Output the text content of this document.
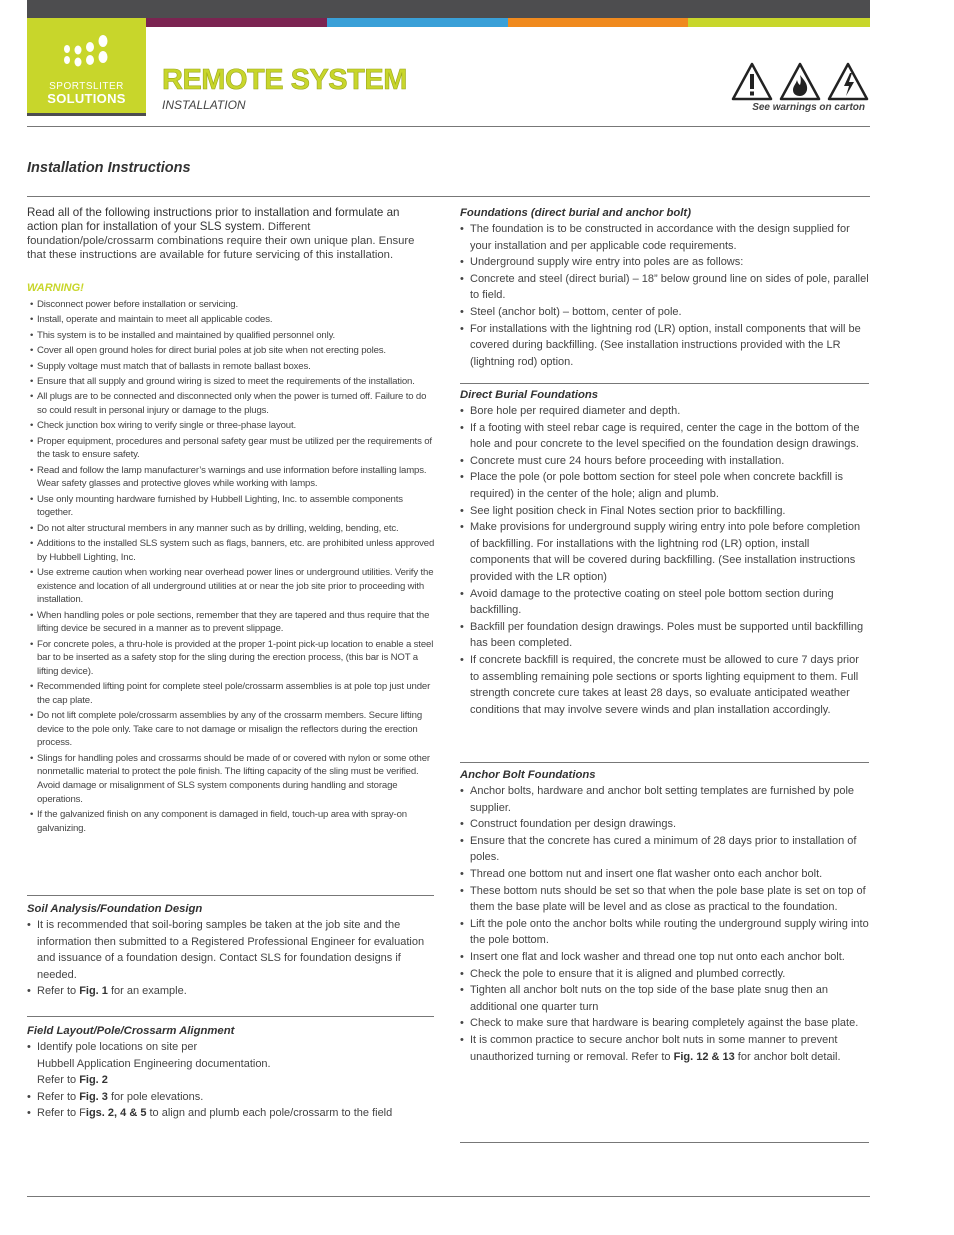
SPORTSLITER
SOLUTIONS
REMOTE SYSTEM
INSTALLATION	See warnings on carton
Installation Instructions
Read all of the following instructions prior to installation and formulate an action plan for installation of your SLS system. Different foundation/pole/crossarm combinations require their own unique plan. Ensure that these instructions are available for future servicing of this installation.
WARNING!
• Disconnect power before installation or servicing.
• Install, operate and maintain to meet all applicable codes.
• This system is to be installed and maintained by qualified personnel only.
• Cover all open ground holes for direct burial poles at job site when not erecting poles.
• Supply voltage must match that of ballasts in remote ballast boxes.
• Ensure that all supply and ground wiring is sized to meet the requirements of the installation.
• All plugs are to be connected and disconnected only when the power is turned off. Failure to do so could result in personal injury or damage to the plugs.
• Check junction box wiring to verify single or three-phase layout.
• Proper equipment, procedures and personal safety gear must be utilized per the requirements of the task to ensure safety.
• Read and follow the lamp manufacturer’s warnings and use information before installing lamps. Wear safety glasses and protective gloves while working with lamps.
• Use only mounting hardware furnished by Hubbell Lighting, Inc. to assemble components together.
• Do not alter structural members in any manner such as by drilling, welding, bending, etc.
• Additions to the installed SLS system such as flags, banners, etc. are prohibited unless approved by Hubbell Lighting, Inc.
• Use extreme caution when working near overhead power lines or underground utilities. Verify the existence and location of all underground utilities at or near the job site prior to proceeding with installation.
• When handling poles or pole sections, remember that they are tapered and thus require that the lifting device be secured in a manner as to prevent slippage.
• For concrete poles, a thru-hole is provided at the proper 1-point pick-up location to enable a steel bar to be inserted as a safety stop for the sling during the erection process, (this bar is NOT a lifting device).
• Recommended lifting point for complete steel pole/crossarm assemblies is at pole top just under the cap plate.
• Do not lift complete pole/crossarm assemblies by any of the crossarm members. Secure lifting device to the pole only. Take care to not damage or misalign the reflectors during the erection process.
• Slings for handling poles and crossarms should be made of or covered with nylon or some other nonmetallic material to protect the pole finish. The lifting capacity of the sling must be verified. Avoid damage or misalignment of SLS system components during handling and storage operations.
• If the galvanized finish on any component is damaged in field, touch-up area with spray-on galvanizing.
Soil Analysis/Foundation Design
• It is recommended that soil-boring samples be taken at the job site and the information then submitted to a Registered Professional Engineer for evaluation and issuance of a foundation design. Contact SLS for foundation designs if needed.
• Refer to Fig. 1 for an example.
Field Layout/Pole/Crossarm Alignment
• Identify pole locations on site per
Hubbell Application Engineering documentation.
Refer to Fig. 2
• Refer to Fig. 3 for pole elevations.
• Refer to Figs. 2, 4 & 5 to align and plumb each pole/crossarm to the field
Foundations (direct burial and anchor bolt)
• The foundation is to be constructed in accordance with the design supplied for your installation and per applicable code requirements.
• Underground supply wire entry into poles are as follows:
• Concrete and steel (direct burial) – 18” below ground line on sides of pole, parallel to field.
• Steel (anchor bolt) – bottom, center of pole.
• For installations with the lightning rod (LR) option, install components that will be covered during backfilling. (See installation instructions provided with the LR (lightning rod) option.
Direct Burial Foundations
• Bore hole per required diameter and depth.
• If a footing with steel rebar cage is required, center the cage in the bottom of the hole and pour concrete to the level specified on the foundation design drawings.
• Concrete must cure 24 hours before proceeding with installation.
• Place the pole (or pole bottom section for steel pole when concrete backfill is required) in the center of the hole; align and plumb.
• See light position check in Final Notes section prior to backfilling.
• Make provisions for underground supply wiring entry into pole before completion of backfilling. For installations with the lightning rod (LR) option, install components that will be covered during backfilling. (See installation instructions provided with the LR option)
• Avoid damage to the protective coating on steel pole bottom section during backfilling.
• Backfill per foundation design drawings. Poles must be supported until backfilling has been completed.
• If concrete backfill is required, the concrete must be allowed to cure 7 days prior to assembling remaining pole sections or sports lighting equipment to them. Full strength concrete cure takes at least 28 days, so evaluate anticipated weather conditions that may involve severe winds and plan installation accordingly.
Anchor Bolt Foundations
• Anchor bolts, hardware and anchor bolt setting templates are furnished by pole supplier.
• Construct foundation per design drawings.
• Ensure that the concrete has cured a minimum of 28 days prior to installation of poles.
• Thread one bottom nut and insert one flat washer onto each anchor bolt.
• These bottom nuts should be set so that when the pole base plate is set on top of them the base plate will be level and as close as practical to the foundation.
• Lift the pole onto the anchor bolts while routing the underground supply wiring into the pole bottom.
• Insert one flat and lock washer and thread one top nut onto each anchor bolt.
• Check the pole to ensure that it is aligned and plumbed correctly.
• Tighten all anchor bolt nuts on the top side of the base plate snug then an additional one quarter turn
• Check to make sure that hardware is bearing completely against the base plate.
• It is common practice to secure anchor bolt nuts in some manner to prevent unauthorized turning or removal. Refer to Fig. 12 & 13 for anchor bolt detail.
